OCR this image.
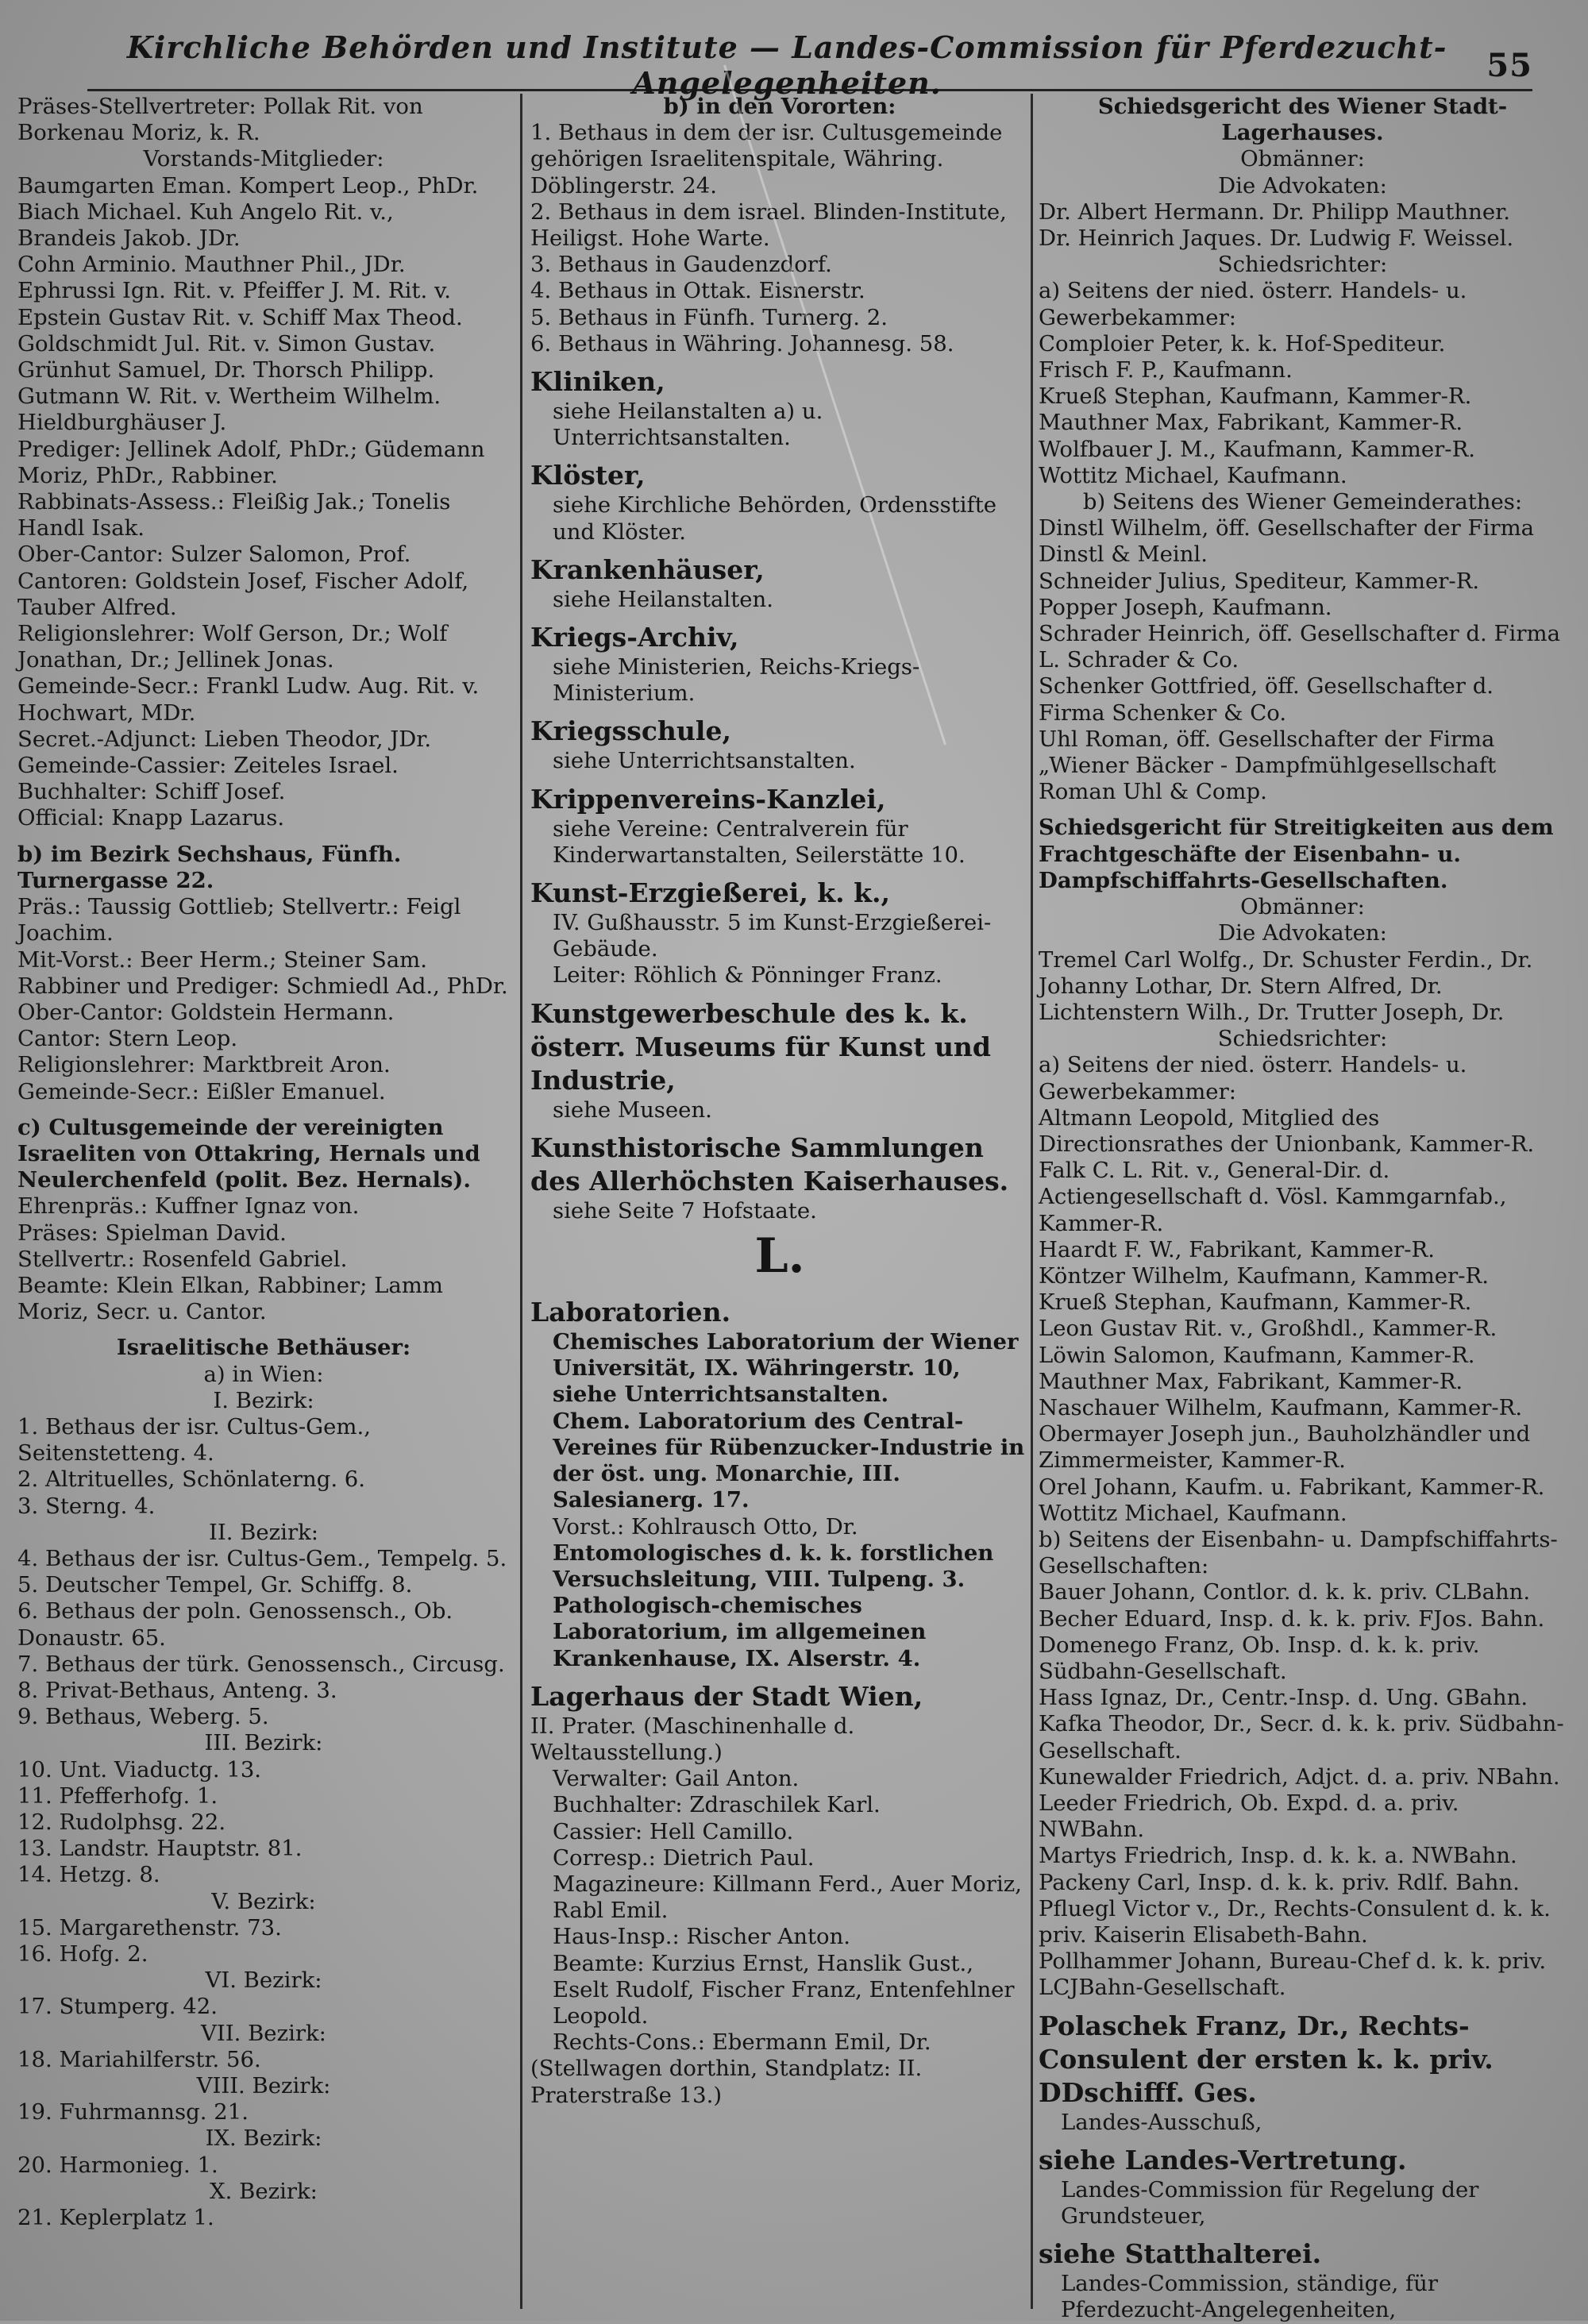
Kirchliche Behörden und Institute — Landes-Commission für Pferdezucht-Angelegenheiten.	55
Präses-Stellvertreter: Pollak Rit. von Borkenau Moriz, k. R.
Vorstands-Mitglieder:
Baumgarten Eman. Kompert Leop., PhDr.
Biach Michael. Kuh Angelo Rit. v.,
Brandeis Jakob. JDr.
Cohn Arminio. Mauthner Phil., JDr.
Ephrussi Ign. Rit. v. Pfeiffer J. M. Rit. v.
Epstein Gustav Rit. v. Schiff Max Theod.
Goldschmidt Jul. Rit. v. Simon Gustav.
Grünhut Samuel, Dr. Thorsch Philipp.
Gutmann W. Rit. v. Wertheim Wilhelm.
Hieldburghäuser J.
Prediger: Jellinek Adolf, PhDr.; Güdemann Moriz, PhDr., Rabbiner.
Rabbinats-Assess.: Fleißig Jak.; Tonelis Handl Isak.
Ober-Cantor: Sulzer Salomon, Prof.
Cantoren: Goldstein Josef, Fischer Adolf, Tauber Alfred.
Religionslehrer: Wolf Gerson, Dr.; Wolf Jonathan, Dr.; Jellinek Jonas.
Gemeinde-Secr.: Frankl Ludw. Aug. Rit. v. Hochwart, MDr.
Secret.-Adjunct: Lieben Theodor, JDr.
Gemeinde-Cassier: Zeiteles Israel.
Buchhalter: Schiff Josef.
Official: Knapp Lazarus.
b) im Bezirk Sechshaus, Fünfh. Turnergasse 22.
Präs.: Taussig Gottlieb; Stellvertr.: Feigl Joachim.
Mit-Vorst.: Beer Herm.; Steiner Sam.
Rabbiner und Prediger: Schmiedl Ad., PhDr.
Ober-Cantor: Goldstein Hermann.
Cantor: Stern Leop.
Religionslehrer: Marktbreit Aron.
Gemeinde-Secr.: Eißler Emanuel.
c) Cultusgemeinde der vereinigten Israeliten von Ottakring, Hernals und Neulerchenfeld (polit. Bez. Hernals).
Ehrenpräs.: Kuffner Ignaz von.
Präses: Spielman David.
Stellvertr.: Rosenfeld Gabriel.
Beamte: Klein Elkan, Rabbiner; Lamm Moriz, Secr. u. Cantor.
Israelitische Bethäuser:
a) in Wien:
I. Bezirk:
1. Bethaus der isr. Cultus-Gem., Seitenstetteng. 4.
2. Altrituelles, Schönlaterng. 6.
3. Sterng. 4.
II. Bezirk:
4. Bethaus der isr. Cultus-Gem., Tempelg. 5.
5. Deutscher Tempel, Gr. Schiffg. 8.
6. Bethaus der poln. Genossensch., Ob. Donaustr. 65.
7. Bethaus der türk. Genossensch., Circusg.
8. Privat-Bethaus, Anteng. 3.
9. Bethaus, Weberg. 5.
III. Bezirk:
10. Unt. Viaductg. 13.
11. Pfefferhofg. 1.
12. Rudolphsg. 22.
13. Landstr. Hauptstr. 81.
14. Hetzg. 8.
V. Bezirk:
15. Margarethenstr. 73.
16. Hofg. 2.
VI. Bezirk:
17. Stumperg. 42.
VII. Bezirk:
18. Mariahilferstr. 56.
VIII. Bezirk:
19. Fuhrmannsg. 21.
IX. Bezirk:
20. Harmonieg. 1.
X. Bezirk:
21. Keplerplatz 1.
b) in den Vororten:
1. Bethaus in dem der isr. Cultusgemeinde gehörigen Israelitenspitale, Währing. Döblingerstr. 24.
2. Bethaus in dem israel. Blinden-Institute, Heiligst. Hohe Warte.
3. Bethaus in Gaudenzdorf.
4. Bethaus in Ottak. Eisnerstr.
5. Bethaus in Fünfh. Turnerg. 2.
6. Bethaus in Währing. Johannesg. 58.
Kliniken,
siehe Heilanstalten a) u. Unterrichtsanstalten.
Klöster,
siehe Kirchliche Behörden, Ordensstifte und Klöster.
Krankenhäuser,
siehe Heilanstalten.
Kriegs-Archiv,
siehe Ministerien, Reichs-Kriegs-Ministerium.
Kriegsschule,
siehe Unterrichtsanstalten.
Krippenvereins-Kanzlei,
siehe Vereine: Centralverein für Kinderwartanstalten, Seilerstätte 10.
Kunst-Erzgießerei, k. k.,
IV. Gußhausstr. 5 im Kunst-Erzgießerei-Gebäude.
Leiter: Röhlich & Pönninger Franz.
Kunstgewerbeschule des k. k. österr. Museums für Kunst und Industrie,
siehe Museen.
Kunsthistorische Sammlungen des Allerhöchsten Kaiserhauses.
siehe Seite 7 Hofstaate.
L.
Laboratorien.
Chemisches Laboratorium der Wiener Universität, IX. Währingerstr. 10, siehe Unterrichtsanstalten.
Chem. Laboratorium des Central-Vereines für Rübenzucker-Industrie in der öst. ung. Monarchie, III. Salesianerg. 17.
Vorst.: Kohlrausch Otto, Dr.
Entomologisches d. k. k. forstlichen Versuchsleitung, VIII. Tulpeng. 3.
Pathologisch-chemisches Laboratorium, im allgemeinen Krankenhause, IX. Alserstr. 4.
Lagerhaus der Stadt Wien,
II. Prater. (Maschinenhalle d. Weltausstellung.)
Verwalter: Gail Anton.
Buchhalter: Zdraschilek Karl.
Cassier: Hell Camillo.
Corresp.: Dietrich Paul.
Magazineure: Killmann Ferd., Auer Moriz, Rabl Emil.
Haus-Insp.: Rischer Anton.
Beamte: Kurzius Ernst, Hanslik Gust., Eselt Rudolf, Fischer Franz, Entenfehlner Leopold.
Rechts-Cons.: Ebermann Emil, Dr.
(Stellwagen dorthin, Standplatz: II. Praterstraße 13.)
Schiedsgericht des Wiener Stadt-Lagerhauses.
Obmänner:
Die Advokaten:
Dr. Albert Hermann. Dr. Philipp Mauthner.
Dr. Heinrich Jaques. Dr. Ludwig F. Weissel.
Schiedsrichter:
a) Seitens der nied. österr. Handels- u. Gewerbekammer:
Comploier Peter, k. k. Hof-Spediteur.
Frisch F. P., Kaufmann.
Krueß Stephan, Kaufmann, Kammer-R.
Mauthner Max, Fabrikant, Kammer-R.
Wolfbauer J. M., Kaufmann, Kammer-R.
Wottitz Michael, Kaufmann.
b) Seitens des Wiener Gemeinderathes:
Dinstl Wilhelm, öff. Gesellschafter der Firma Dinstl & Meinl.
Schneider Julius, Spediteur, Kammer-R.
Popper Joseph, Kaufmann.
Schrader Heinrich, öff. Gesellschafter d. Firma L. Schrader & Co.
Schenker Gottfried, öff. Gesellschafter d. Firma Schenker & Co.
Uhl Roman, öff. Gesellschafter der Firma „Wiener Bäcker - Dampfmühlgesellschaft Roman Uhl & Comp.
Schiedsgericht für Streitigkeiten aus dem Frachtgeschäfte der Eisenbahn- u. Dampfschiffahrts-Gesellschaften.
Obmänner:
Die Advokaten:
Tremel Carl Wolfg., Dr. Schuster Ferdin., Dr.
Johanny Lothar, Dr. Stern Alfred, Dr.
Lichtenstern Wilh., Dr. Trutter Joseph, Dr.
Schiedsrichter:
a) Seitens der nied. österr. Handels- u. Gewerbekammer:
Altmann Leopold, Mitglied des Directionsrathes der Unionbank, Kammer-R.
Falk C. L. Rit. v., General-Dir. d. Actiengesellschaft d. Vösl. Kammgarnfab., Kammer-R.
Haardt F. W., Fabrikant, Kammer-R.
Köntzer Wilhelm, Kaufmann, Kammer-R.
Krueß Stephan, Kaufmann, Kammer-R.
Leon Gustav Rit. v., Großhdl., Kammer-R.
Löwin Salomon, Kaufmann, Kammer-R.
Mauthner Max, Fabrikant, Kammer-R.
Naschauer Wilhelm, Kaufmann, Kammer-R.
Obermayer Joseph jun., Bauholzhändler und Zimmermeister, Kammer-R.
Orel Johann, Kaufm. u. Fabrikant, Kammer-R.
Wottitz Michael, Kaufmann.
b) Seitens der Eisenbahn- u. Dampfschiffahrts-Gesellschaften:
Bauer Johann, Contlor. d. k. k. priv. CLBahn.
Becher Eduard, Insp. d. k. k. priv. FJos. Bahn.
Domenego Franz, Ob. Insp. d. k. k. priv. Südbahn-Gesellschaft.
Hass Ignaz, Dr., Centr.-Insp. d. Ung. GBahn.
Kafka Theodor, Dr., Secr. d. k. k. priv. Südbahn-Gesellschaft.
Kunewalder Friedrich, Adjct. d. a. priv. NBahn.
Leeder Friedrich, Ob. Expd. d. a. priv. NWBahn.
Martys Friedrich, Insp. d. k. k. a. NWBahn.
Packeny Carl, Insp. d. k. k. priv. Rdlf. Bahn.
Pfluegl Victor v., Dr., Rechts-Consulent d. k. k. priv. Kaiserin Elisabeth-Bahn.
Pollhammer Johann, Bureau-Chef d. k. k. priv. LCJBahn-Gesellschaft.
Polaschek Franz, Dr., Rechts-Consulent der ersten k. k. priv. DDschifff. Ges.
Landes-Ausschuß,
siehe Landes-Vertretung.
Landes-Commission für Regelung der Grundsteuer,
siehe Statthalterei.
Landes-Commission, ständige, für Pferdezucht-Angelegenheiten,
